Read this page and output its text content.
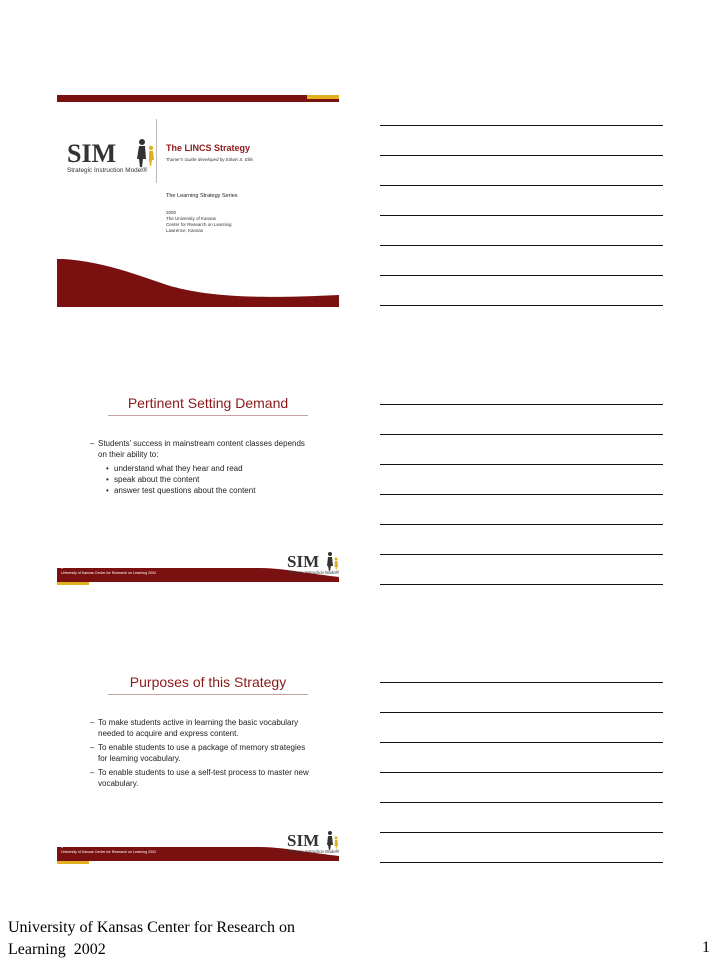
SIM
Strategic Instruction Model®
The LINCS Strategy
Trainer’s Guide developed by Edwin S. Ellis
The Learning Strategy Series
2000
The University of Kansas
Center for Research on Learning
Lawrence, Kansas
Pertinent Setting Demand
– Students’ success in mainstream content classes depends on their ability to:
• understand what they hear and read
• speak about the content
• answer test questions about the content
2
University of Kansas Center for Research on Learning 2002
SIM
Strategic Instruction Model®
Purposes of this Strategy
– To make students active in learning the basic vocabulary needed to acquire and express content.
– To enable students to use a package of memory strategies for learning vocabulary.
– To enable students to use a self-test process to master new vocabulary.
3
University of Kansas Center for Research on Learning 2002
SIM
Strategic Instruction Model®
University of Kansas Center for Research on
Learning  2002	1
